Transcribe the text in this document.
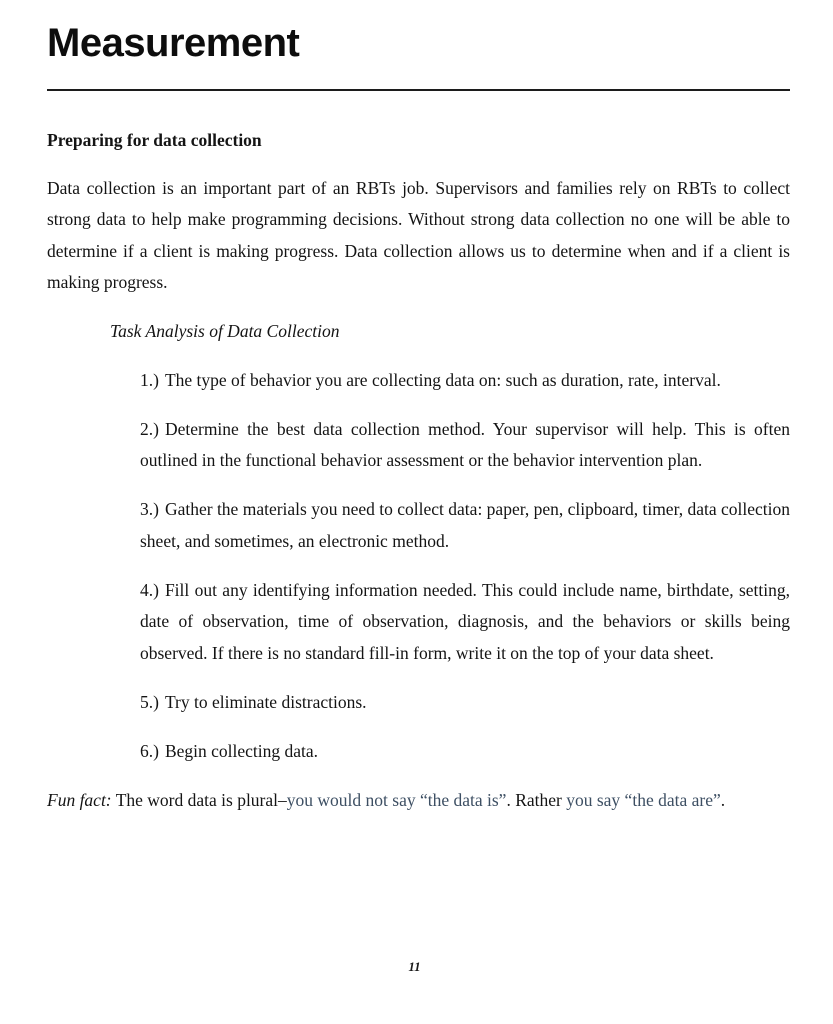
Measurement

Preparing for data collection

Data collection is an important part of an RBTs job. Supervisors and families rely on RBTs to collect strong data to help make programming decisions. Without strong data collection no one will be able to determine if a client is making progress. Data collection allows us to determine when and if a client is making progress.

Task Analysis of Data Collection

1.) The type of behavior you are collecting data on: such as duration, rate, interval.

2.) Determine the best data collection method. Your supervisor will help. This is often outlined in the functional behavior assessment or the behavior intervention plan.

3.) Gather the materials you need to collect data: paper, pen, clipboard, timer, data collection sheet, and sometimes, an electronic method.

4.) Fill out any identifying information needed. This could include name, birthdate, setting, date of observation, time of observation, diagnosis, and the behaviors or skills being observed. If there is no standard fill-in form, write it on the top of your data sheet.

5.) Try to eliminate distractions.

6.) Begin collecting data.

Fun fact: The word data is plural–you would not say “the data is”. Rather you say “the data are”.

11
